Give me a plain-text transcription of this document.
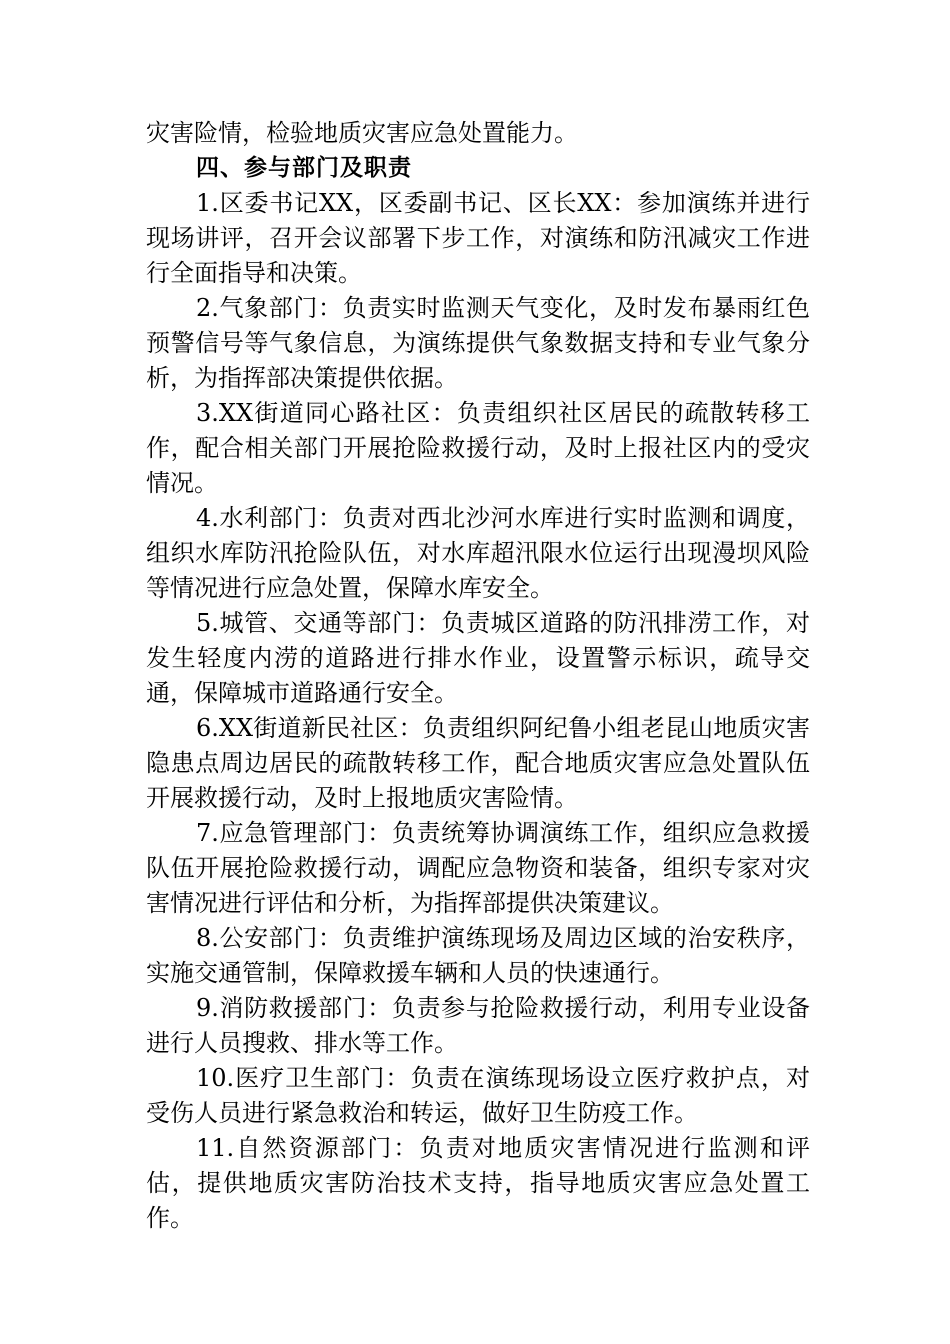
灾害险情，检验地质灾害应急处置能力。

四、参与部门及职责

1.区委书记XX，区委副书记、区长XX：参加演练并进行现场讲评，召开会议部署下步工作，对演练和防汛减灾工作进行全面指导和决策。

2.气象部门：负责实时监测天气变化，及时发布暴雨红色预警信号等气象信息，为演练提供气象数据支持和专业气象分析，为指挥部决策提供依据。

3.XX街道同心路社区：负责组织社区居民的疏散转移工作，配合相关部门开展抢险救援行动，及时上报社区内的受灾情况。

4.水利部门：负责对西北沙河水库进行实时监测和调度，组织水库防汛抢险队伍，对水库超汛限水位运行出现漫坝风险等情况进行应急处置，保障水库安全。

5.城管、交通等部门：负责城区道路的防汛排涝工作，对发生轻度内涝的道路进行排水作业，设置警示标识，疏导交通，保障城市道路通行安全。

6.XX街道新民社区：负责组织阿纪鲁小组老昆山地质灾害隐患点周边居民的疏散转移工作，配合地质灾害应急处置队伍开展救援行动，及时上报地质灾害险情。

7.应急管理部门：负责统筹协调演练工作，组织应急救援队伍开展抢险救援行动，调配应急物资和装备，组织专家对灾害情况进行评估和分析，为指挥部提供决策建议。

8.公安部门：负责维护演练现场及周边区域的治安秩序，实施交通管制，保障救援车辆和人员的快速通行。

9.消防救援部门：负责参与抢险救援行动，利用专业设备进行人员搜救、排水等工作。

10.医疗卫生部门：负责在演练现场设立医疗救护点，对受伤人员进行紧急救治和转运，做好卫生防疫工作。

11.自然资源部门：负责对地质灾害情况进行监测和评估，提供地质灾害防治技术支持，指导地质灾害应急处置工作。
